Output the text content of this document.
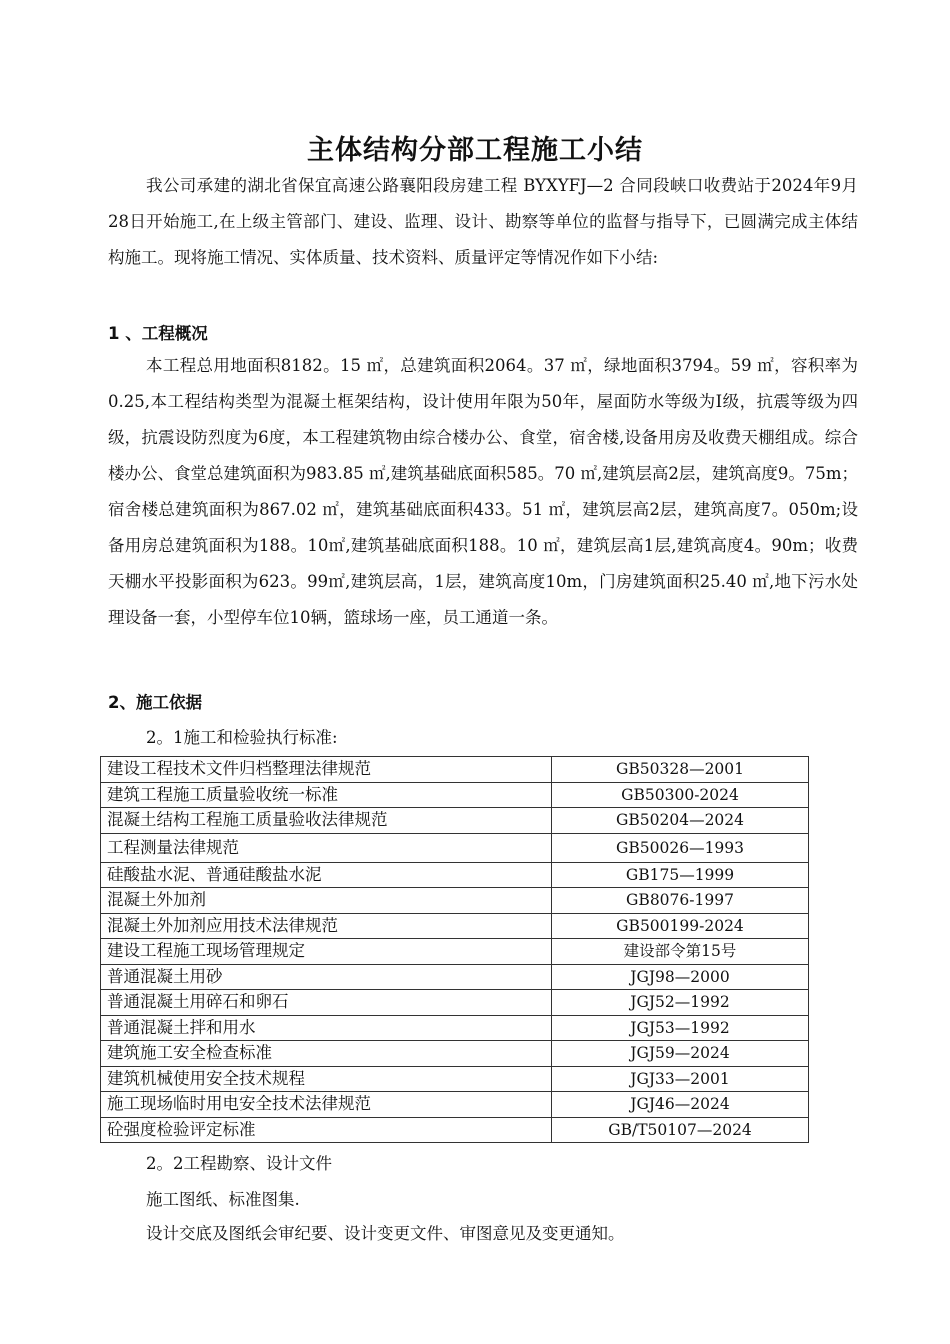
主体结构分部工程施工小结

我公司承建的湖北省保宜高速公路襄阳段房建工程 BYXYFJ—2 合同段峡口收费站于2024年9月28日开始施工,在上级主管部门、建设、监理、设计、勘察等单位的监督与指导下，已圆满完成主体结构施工。现将施工情况、实体质量、技术资料、质量评定等情况作如下小结:

1 、工程概况

本工程总用地面积8182。15 ㎡，总建筑面积2064。37 ㎡，绿地面积3794。59 ㎡，容积率为0.25,本工程结构类型为混凝土框架结构，设计使用年限为50年，屋面防水等级为Ⅰ级，抗震等级为四级，抗震设防烈度为6度，本工程建筑物由综合楼办公、食堂，宿舍楼,设备用房及收费天棚组成。综合楼办公、食堂总建筑面积为983.85 ㎡,建筑基础底面积585。70 ㎡,建筑层高2层，建筑高度9。75m；宿舍楼总建筑面积为867.02 ㎡，建筑基础底面积433。51 ㎡，建筑层高2层，建筑高度7。050m;设备用房总建筑面积为188。10㎡,建筑基础底面积188。10 ㎡，建筑层高1层,建筑高度4。90m；收费天棚水平投影面积为623。99㎡,建筑层高，1层，建筑高度10m，门房建筑面积25.40 ㎡,地下污水处理设备一套，小型停车位10辆，篮球场一座，员工通道一条。

2、施工依据
2。1施工和检验执行标准:
建设工程技术文件归档整理法律规范	GB50328—2001
建筑工程施工质量验收统一标准	GB50300-2024
混凝土结构工程施工质量验收法律规范	GB50204—2024
工程测量法律规范	GB50026—1993
硅酸盐水泥、普通硅酸盐水泥	GB175—1999
混凝土外加剂	GB8076-1997
混凝土外加剂应用技术法律规范	GB500199-2024
建设工程施工现场管理规定	建设部令第15号
普通混凝土用砂	JGJ98—2000
普通混凝土用碎石和卵石	JGJ52—1992
普通混凝土拌和用水	JGJ53—1992
建筑施工安全检查标准	JGJ59—2024
建筑机械使用安全技术规程	JGJ33—2001
施工现场临时用电安全技术法律规范	JGJ46—2024
砼强度检验评定标准	GB/T50107—2024
2。2工程勘察、设计文件
施工图纸、标准图集.
设计交底及图纸会审纪要、设计变更文件、审图意见及变更通知。
